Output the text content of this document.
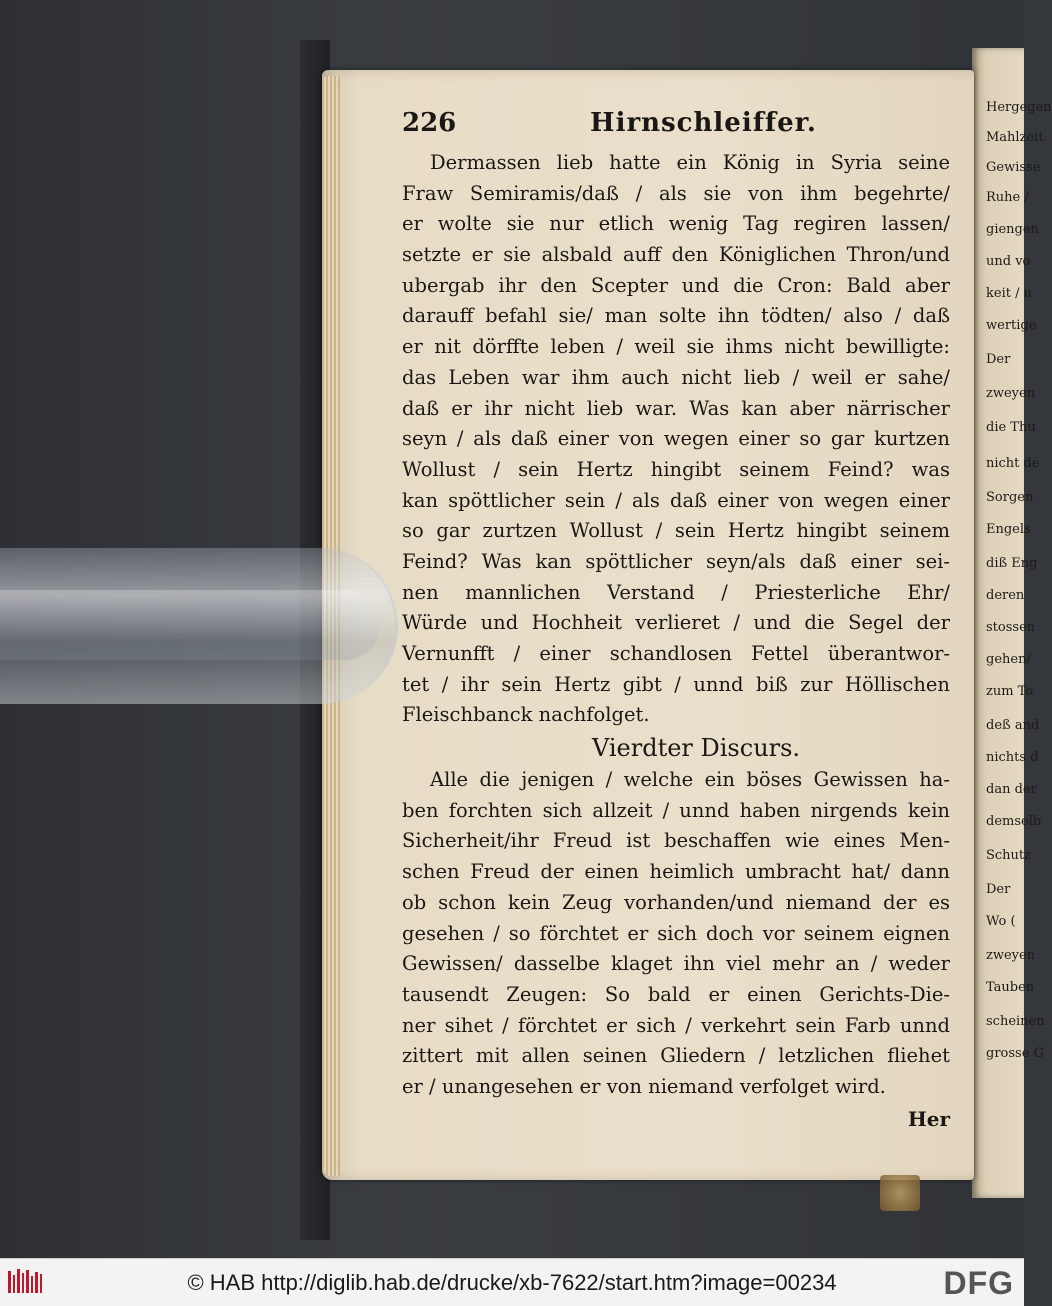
Hergegen
Mahlzeit
Gewisse
Ruhe /
giengen
und vo
keit / u
wertige
Der
zweyen
die Thu
nicht de
Sorgen
Engels
diß Eng
deren
stossen
gehen/
zum To
deß and
nichts d
dan der
demselb
Schutz
Der
Wo (
zweyen
Tauben
scheinen
grosse G
226	Hirnschleiffer.
Dermassen lieb hatte ein König in Syria seine
Fraw Semiramis/daß / als sie von ihm begehrte/
er wolte sie nur etlich wenig Tag regiren lassen/
setzte er sie alsbald auff den Königlichen Thron/und
ubergab ihr den Scepter und die Cron: Bald aber
darauff befahl sie/ man solte ihn tödten/ also / daß
er nit dörffte leben / weil sie ihms nicht bewilligte:
das Leben war ihm auch nicht lieb / weil er sahe/
daß er ihr nicht lieb war. Was kan aber närrischer
seyn / als daß einer von wegen einer so gar kurtzen
Wollust / sein Hertz hingibt seinem Feind? was
kan spöttlicher sein / als daß einer von wegen einer
so gar zurtzen Wollust / sein Hertz hingibt seinem
Feind? Was kan spöttlicher seyn/als daß einer sei-
nen mannlichen Verstand / Priesterliche Ehr/
Würde und Hochheit verlieret / und die Segel der
Vernunfft / einer schandlosen Fettel überantwor-
tet / ihr sein Hertz gibt / unnd biß zur Höllischen
Fleischbanck nachfolget.
Vierdter Discurs.
Alle die jenigen / welche ein böses Gewissen ha-
ben forchten sich allzeit / unnd haben nirgends kein
Sicherheit/ihr Freud ist beschaffen wie eines Men-
schen Freud der einen heimlich umbracht hat/ dann
ob schon kein Zeug vorhanden/und niemand der es
gesehen / so förchtet er sich doch vor seinem eignen
Gewissen/ dasselbe klaget ihn viel mehr an / weder
tausendt Zeugen: So bald er einen Gerichts-Die-
ner sihet / förchtet er sich / verkehrt sein Farb unnd
zittert mit allen seinen Gliedern / letzlichen fliehet
er / unangesehen er von niemand verfolget wird.
Her
© HAB http://diglib.hab.de/drucke/xb-7622/start.htm?image=00234	DFG
